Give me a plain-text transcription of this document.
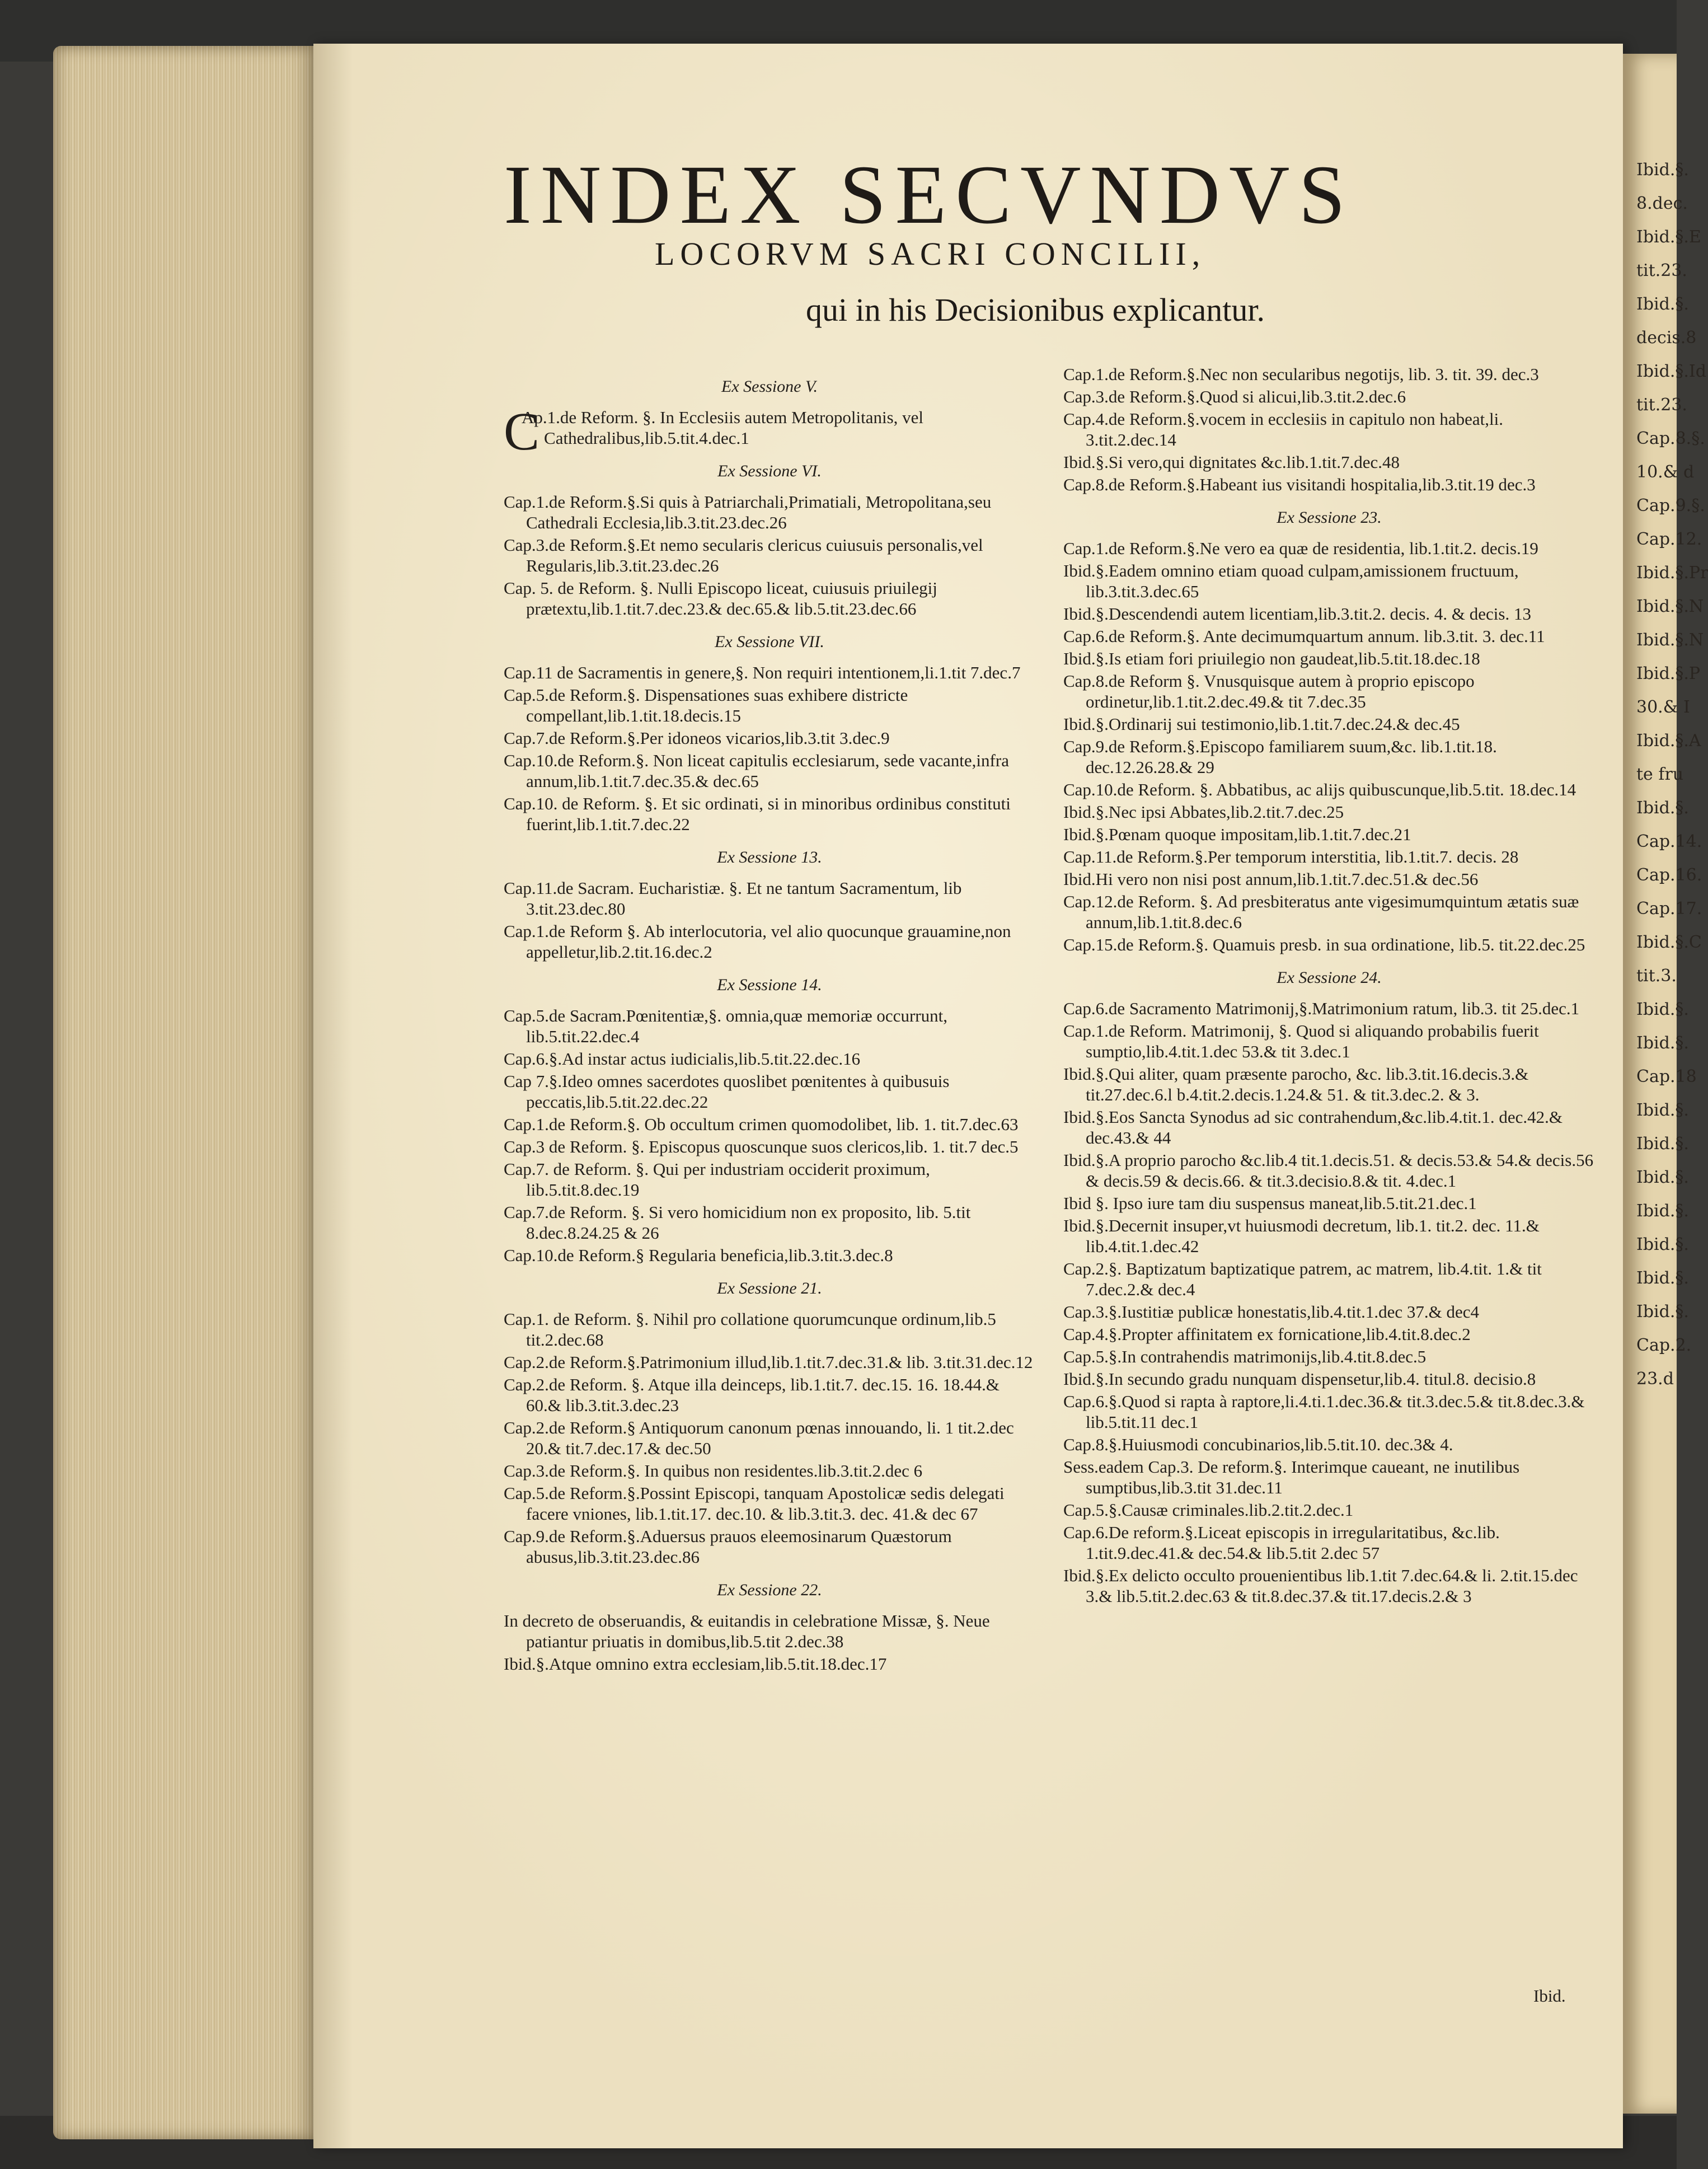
INDEX SECVNDVS
LOCORVM SACRI CONCILII,
qui in his Decisionibus explicantur.
Ex Sessione V.
CAp.1.de Reform. §. In Ecclesiis autem Metropolitanis, vel Cathedralibus,lib.5.tit.4.dec.1
Ex Sessione VI.
Cap.1.de Reform.§.Si quis à Patriarchali,Primatiali, Metropolitana,seu Cathedrali Ecclesia,lib.3.tit.23.dec.26
Cap.3.de Reform.§.Et nemo secularis clericus cuiusuis personalis,vel Regularis,lib.3.tit.23.dec.26
Cap. 5. de Reform. §. Nulli Episcopo liceat, cuiusuis priuilegij prætextu,lib.1.tit.7.dec.23.& dec.65.& lib.5.tit.23.dec.66
Ex Sessione VII.
Cap.11 de Sacramentis in genere,§. Non requiri intentionem,li.1.tit 7.dec.7
Cap.5.de Reform.§. Dispensationes suas exhibere districte compellant,lib.1.tit.18.decis.15
Cap.7.de Reform.§.Per idoneos vicarios,lib.3.tit 3.dec.9
Cap.10.de Reform.§. Non liceat capitulis ecclesiarum, sede vacante,infra annum,lib.1.tit.7.dec.35.& dec.65
Cap.10. de Reform. §. Et sic ordinati, si in minoribus ordinibus constituti fuerint,lib.1.tit.7.dec.22
Ex Sessione 13.
Cap.11.de Sacram. Eucharistiæ. §. Et ne tantum Sacramentum, lib 3.tit.23.dec.80
Cap.1.de Reform §. Ab interlocutoria, vel alio quocunque grauamine,non appelletur,lib.2.tit.16.dec.2
Ex Sessione 14.
Cap.5.de Sacram.Pœnitentiæ,§. omnia,quæ memoriæ occurrunt, lib.5.tit.22.dec.4
Cap.6.§.Ad instar actus iudicialis,lib.5.tit.22.dec.16
Cap 7.§.Ideo omnes sacerdotes quoslibet pœnitentes à quibusuis peccatis,lib.5.tit.22.dec.22
Cap.1.de Reform.§. Ob occultum crimen quomodolibet, lib. 1. tit.7.dec.63
Cap.3 de Reform. §. Episcopus quoscunque suos clericos,lib. 1. tit.7 dec.5
Cap.7. de Reform. §. Qui per industriam occiderit proximum, lib.5.tit.8.dec.19
Cap.7.de Reform. §. Si vero homicidium non ex proposito, lib. 5.tit 8.dec.8.24.25 & 26
Cap.10.de Reform.§ Regularia beneficia,lib.3.tit.3.dec.8
Ex Sessione 21.
Cap.1. de Reform. §. Nihil pro collatione quorumcunque ordinum,lib.5 tit.2.dec.68
Cap.2.de Reform.§.Patrimonium illud,lib.1.tit.7.dec.31.& lib. 3.tit.31.dec.12
Cap.2.de Reform. §. Atque illa deinceps, lib.1.tit.7. dec.15. 16. 18.44.& 60.& lib.3.tit.3.dec.23
Cap.2.de Reform.§ Antiquorum canonum pœnas innouando, li. 1 tit.2.dec 20.& tit.7.dec.17.& dec.50
Cap.3.de Reform.§. In quibus non residentes.lib.3.tit.2.dec 6
Cap.5.de Reform.§.Possint Episcopi, tanquam Apostolicæ sedis delegati facere vniones, lib.1.tit.17. dec.10. & lib.3.tit.3. dec. 41.& dec 67
Cap.9.de Reform.§.Aduersus prauos eleemosinarum Quæstorum abusus,lib.3.tit.23.dec.86
Ex Sessione 22.
In decreto de obseruandis, & euitandis in celebratione Missæ, §. Neue patiantur priuatis in domibus,lib.5.tit 2.dec.38
Ibid.§.Atque omnino extra ecclesiam,lib.5.tit.18.dec.17
Cap.1.de Reform.§.Nec non secularibus negotijs, lib. 3. tit. 39. dec.3
Cap.3.de Reform.§.Quod si alicui,lib.3.tit.2.dec.6
Cap.4.de Reform.§.vocem in ecclesiis in capitulo non habeat,li. 3.tit.2.dec.14
Ibid.§.Si vero,qui dignitates &c.lib.1.tit.7.dec.48
Cap.8.de Reform.§.Habeant ius visitandi hospitalia,lib.3.tit.19 dec.3
Ex Sessione 23.
Cap.1.de Reform.§.Ne vero ea quæ de residentia, lib.1.tit.2. decis.19
Ibid.§.Eadem omnino etiam quoad culpam,amissionem fructuum, lib.3.tit.3.dec.65
Ibid.§.Descendendi autem licentiam,lib.3.tit.2. decis. 4. & decis. 13
Cap.6.de Reform.§. Ante decimumquartum annum. lib.3.tit. 3. dec.11
Ibid.§.Is etiam fori priuilegio non gaudeat,lib.5.tit.18.dec.18
Cap.8.de Reform §. Vnusquisque autem à proprio episcopo ordinetur,lib.1.tit.2.dec.49.& tit 7.dec.35
Ibid.§.Ordinarij sui testimonio,lib.1.tit.7.dec.24.& dec.45
Cap.9.de Reform.§.Episcopo familiarem suum,&c. lib.1.tit.18. dec.12.26.28.& 29
Cap.10.de Reform. §. Abbatibus, ac alijs quibuscunque,lib.5.tit. 18.dec.14
Ibid.§.Nec ipsi Abbates,lib.2.tit.7.dec.25
Ibid.§.Pœnam quoque impositam,lib.1.tit.7.dec.21
Cap.11.de Reform.§.Per temporum interstitia, lib.1.tit.7. decis. 28
Ibid.Hi vero non nisi post annum,lib.1.tit.7.dec.51.& dec.56
Cap.12.de Reform. §. Ad presbiteratus ante vigesimumquintum ætatis suæ annum,lib.1.tit.8.dec.6
Cap.15.de Reform.§. Quamuis presb. in sua ordinatione, lib.5. tit.22.dec.25
Ex Sessione 24.
Cap.6.de Sacramento Matrimonij,§.Matrimonium ratum, lib.3. tit 25.dec.1
Cap.1.de Reform. Matrimonij, §. Quod si aliquando probabilis fuerit sumptio,lib.4.tit.1.dec 53.& tit 3.dec.1
Ibid.§.Qui aliter, quam præsente parocho, &c. lib.3.tit.16.decis.3.& tit.27.dec.6.l b.4.tit.2.decis.1.24.& 51. & tit.3.dec.2. & 3.
Ibid.§.Eos Sancta Synodus ad sic contrahendum,&c.lib.4.tit.1. dec.42.& dec.43.& 44
Ibid.§.A proprio parocho &c.lib.4 tit.1.decis.51. & decis.53.& 54.& decis.56 & decis.59 & decis.66. & tit.3.decisio.8.& tit. 4.dec.1
Ibid §. Ipso iure tam diu suspensus maneat,lib.5.tit.21.dec.1
Ibid.§.Decernit insuper,vt huiusmodi decretum, lib.1. tit.2. dec. 11.& lib.4.tit.1.dec.42
Cap.2.§. Baptizatum baptizatique patrem, ac matrem, lib.4.tit. 1.& tit 7.dec.2.& dec.4
Cap.3.§.Iustitiæ publicæ honestatis,lib.4.tit.1.dec 37.& dec4
Cap.4.§.Propter affinitatem ex fornicatione,lib.4.tit.8.dec.2
Cap.5.§.In contrahendis matrimonijs,lib.4.tit.8.dec.5
Ibid.§.In secundo gradu nunquam dispensetur,lib.4. titul.8. decisio.8
Cap.6.§.Quod si rapta à raptore,li.4.ti.1.dec.36.& tit.3.dec.5.& tit.8.dec.3.& lib.5.tit.11 dec.1
Cap.8.§.Huiusmodi concubinarios,lib.5.tit.10. dec.3& 4.
Sess.eadem Cap.3. De reform.§. Interimque caueant, ne inutilibus sumptibus,lib.3.tit 31.dec.11
Cap.5.§.Causæ criminales.lib.2.tit.2.dec.1
Cap.6.De reform.§.Liceat episcopis in irregularitatibus, &c.lib. 1.tit.9.dec.41.& dec.54.& lib.5.tit 2.dec 57
Ibid.§.Ex delicto occulto prouenientibus lib.1.tit 7.dec.64.& li. 2.tit.15.dec 3.& lib.5.tit.2.dec.63 & tit.8.dec.37.& tit.17.decis.2.& 3
Ibid.
Ibid.§.
8.dec.
Ibid.§.E
tit.23.
Ibid.§.
decis.8
Ibid.§.Id
tit.23.
Cap.8.§.
10.& d
Cap.9.§.
Cap.12.
Ibid.§.Pr
Ibid.§.N
Ibid.§.N
Ibid.§.P
30.& I
Ibid.§.A
te fru
Ibid.§.
Cap.14.
Cap.16.
Cap.17.
Ibid.§.C
tit.3.
Ibid.§.
Ibid.§.
Cap.18
Ibid.§.
Ibid.§.
Ibid.§.
Ibid.§.
Ibid.§.
Ibid.§.
Ibid.§.
Cap.2.
23.d
